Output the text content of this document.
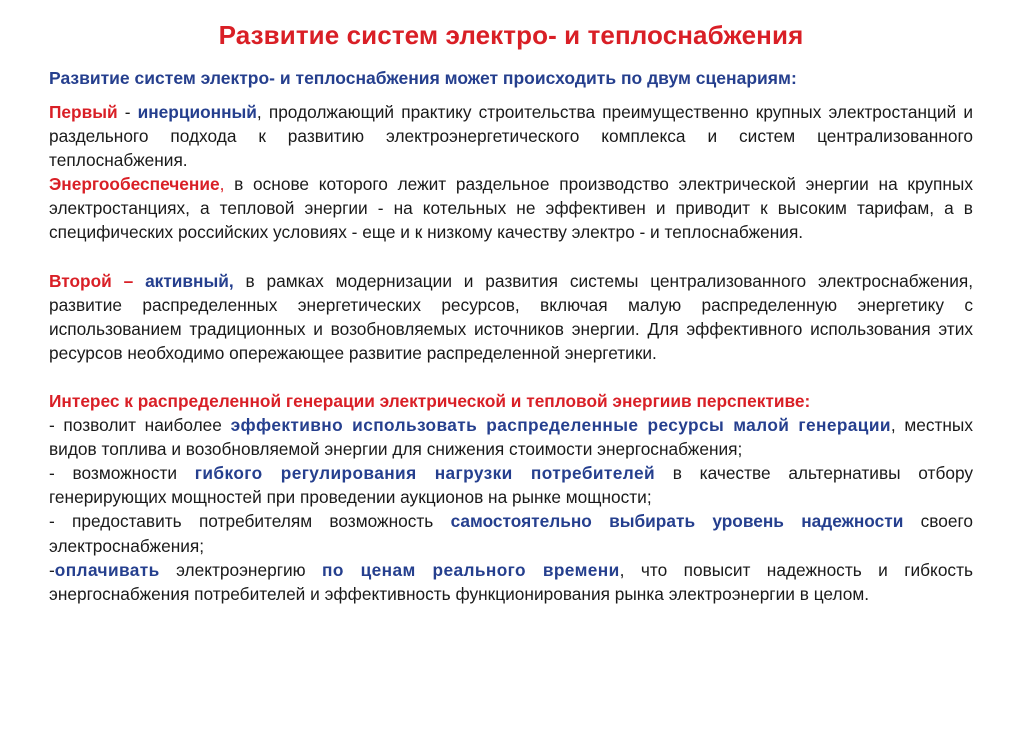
Развитие систем электро- и теплоснабжения
Развитие систем электро- и теплоснабжения может происходить по двум сценариям:

Первый - инерционный, продолжающий практику строительства преимущественно крупных электростанций и раздельного подхода к развитию электроэнергетического комплекса и систем централизованного теплоснабжения.

Энергообеспечение, в основе которого лежит раздельное производство электрической энергии на крупных электростанциях, а тепловой энергии - на котельных не эффективен и приводит к высоким тарифам, а в специфических российских условиях - еще и к низкому качеству электро - и теплоснабжения.

Второй – активный, в рамках модернизации и развития системы централизованного электроснабжения, развитие распределенных энергетических ресурсов, включая малую распределенную энергетику с использованием традиционных и возобновляемых источников энергии. Для эффективного использования этих ресурсов необходимо опережающее развитие распределенной энергетики.

Интерес к распределенной генерации электрической и тепловой энергиив перспективе:

- позволит наиболее эффективно использовать распределенные ресурсы малой генерации, местных видов топлива и возобновляемой энергии для снижения стоимости энергоснабжения;

- возможности гибкого регулирования нагрузки потребителей в качестве альтернативы отбору генерирующих мощностей при проведении аукционов на рынке мощности;

- предоставить потребителям возможность самостоятельно выбирать уровень надежности своего электроснабжения;

-оплачивать электроэнергию по ценам реального времени, что повысит надежность и гибкость энергоснабжения потребителей и эффективность функционирования рынка электроэнергии в целом.
